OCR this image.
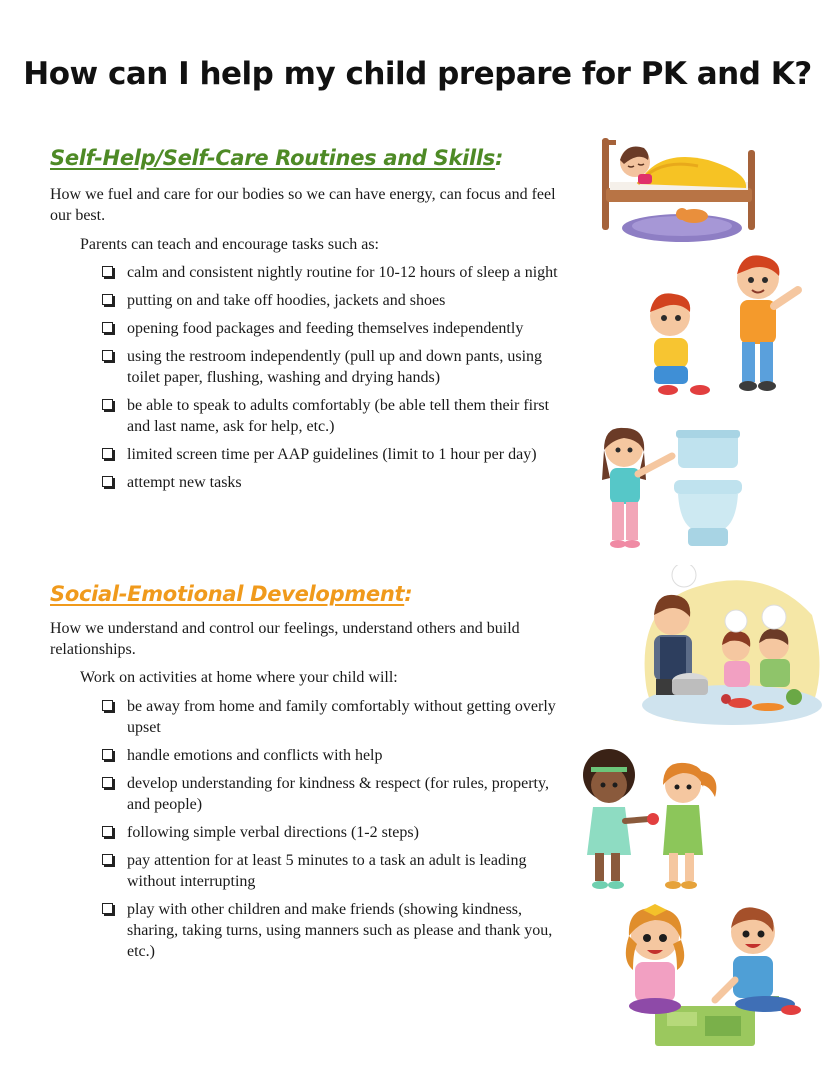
How can I help my child prepare for PK and K?
Self-Help/Self-Care Routines and Skills:
How we fuel and care for our bodies so we can have energy, can focus and feel our best.
Parents can teach and encourage tasks such as:
calm and consistent nightly routine for 10-12 hours of sleep a night
putting on and take off hoodies, jackets and shoes
opening food packages and feeding themselves independently
using the restroom independently (pull up and down pants, using toilet paper, flushing, washing and drying hands)
be able to speak to adults comfortably (be able tell them their first and last name, ask for help, etc.)
limited screen time per AAP guidelines (limit to 1 hour per day)
attempt new tasks
Social-Emotional Development:
How we understand and control our feelings, understand others and build relationships.
Work on activities at home where your child will:
be away from home and family comfortably without getting overly upset
handle emotions and conflicts with help
develop understanding for kindness & respect (for rules, property, and people)
following simple verbal directions (1-2 steps)
pay attention for at least 5 minutes to a task an adult is leading without interrupting
play with other children and make friends (showing kindness, sharing, taking turns, using manners such as please and thank you, etc.)
